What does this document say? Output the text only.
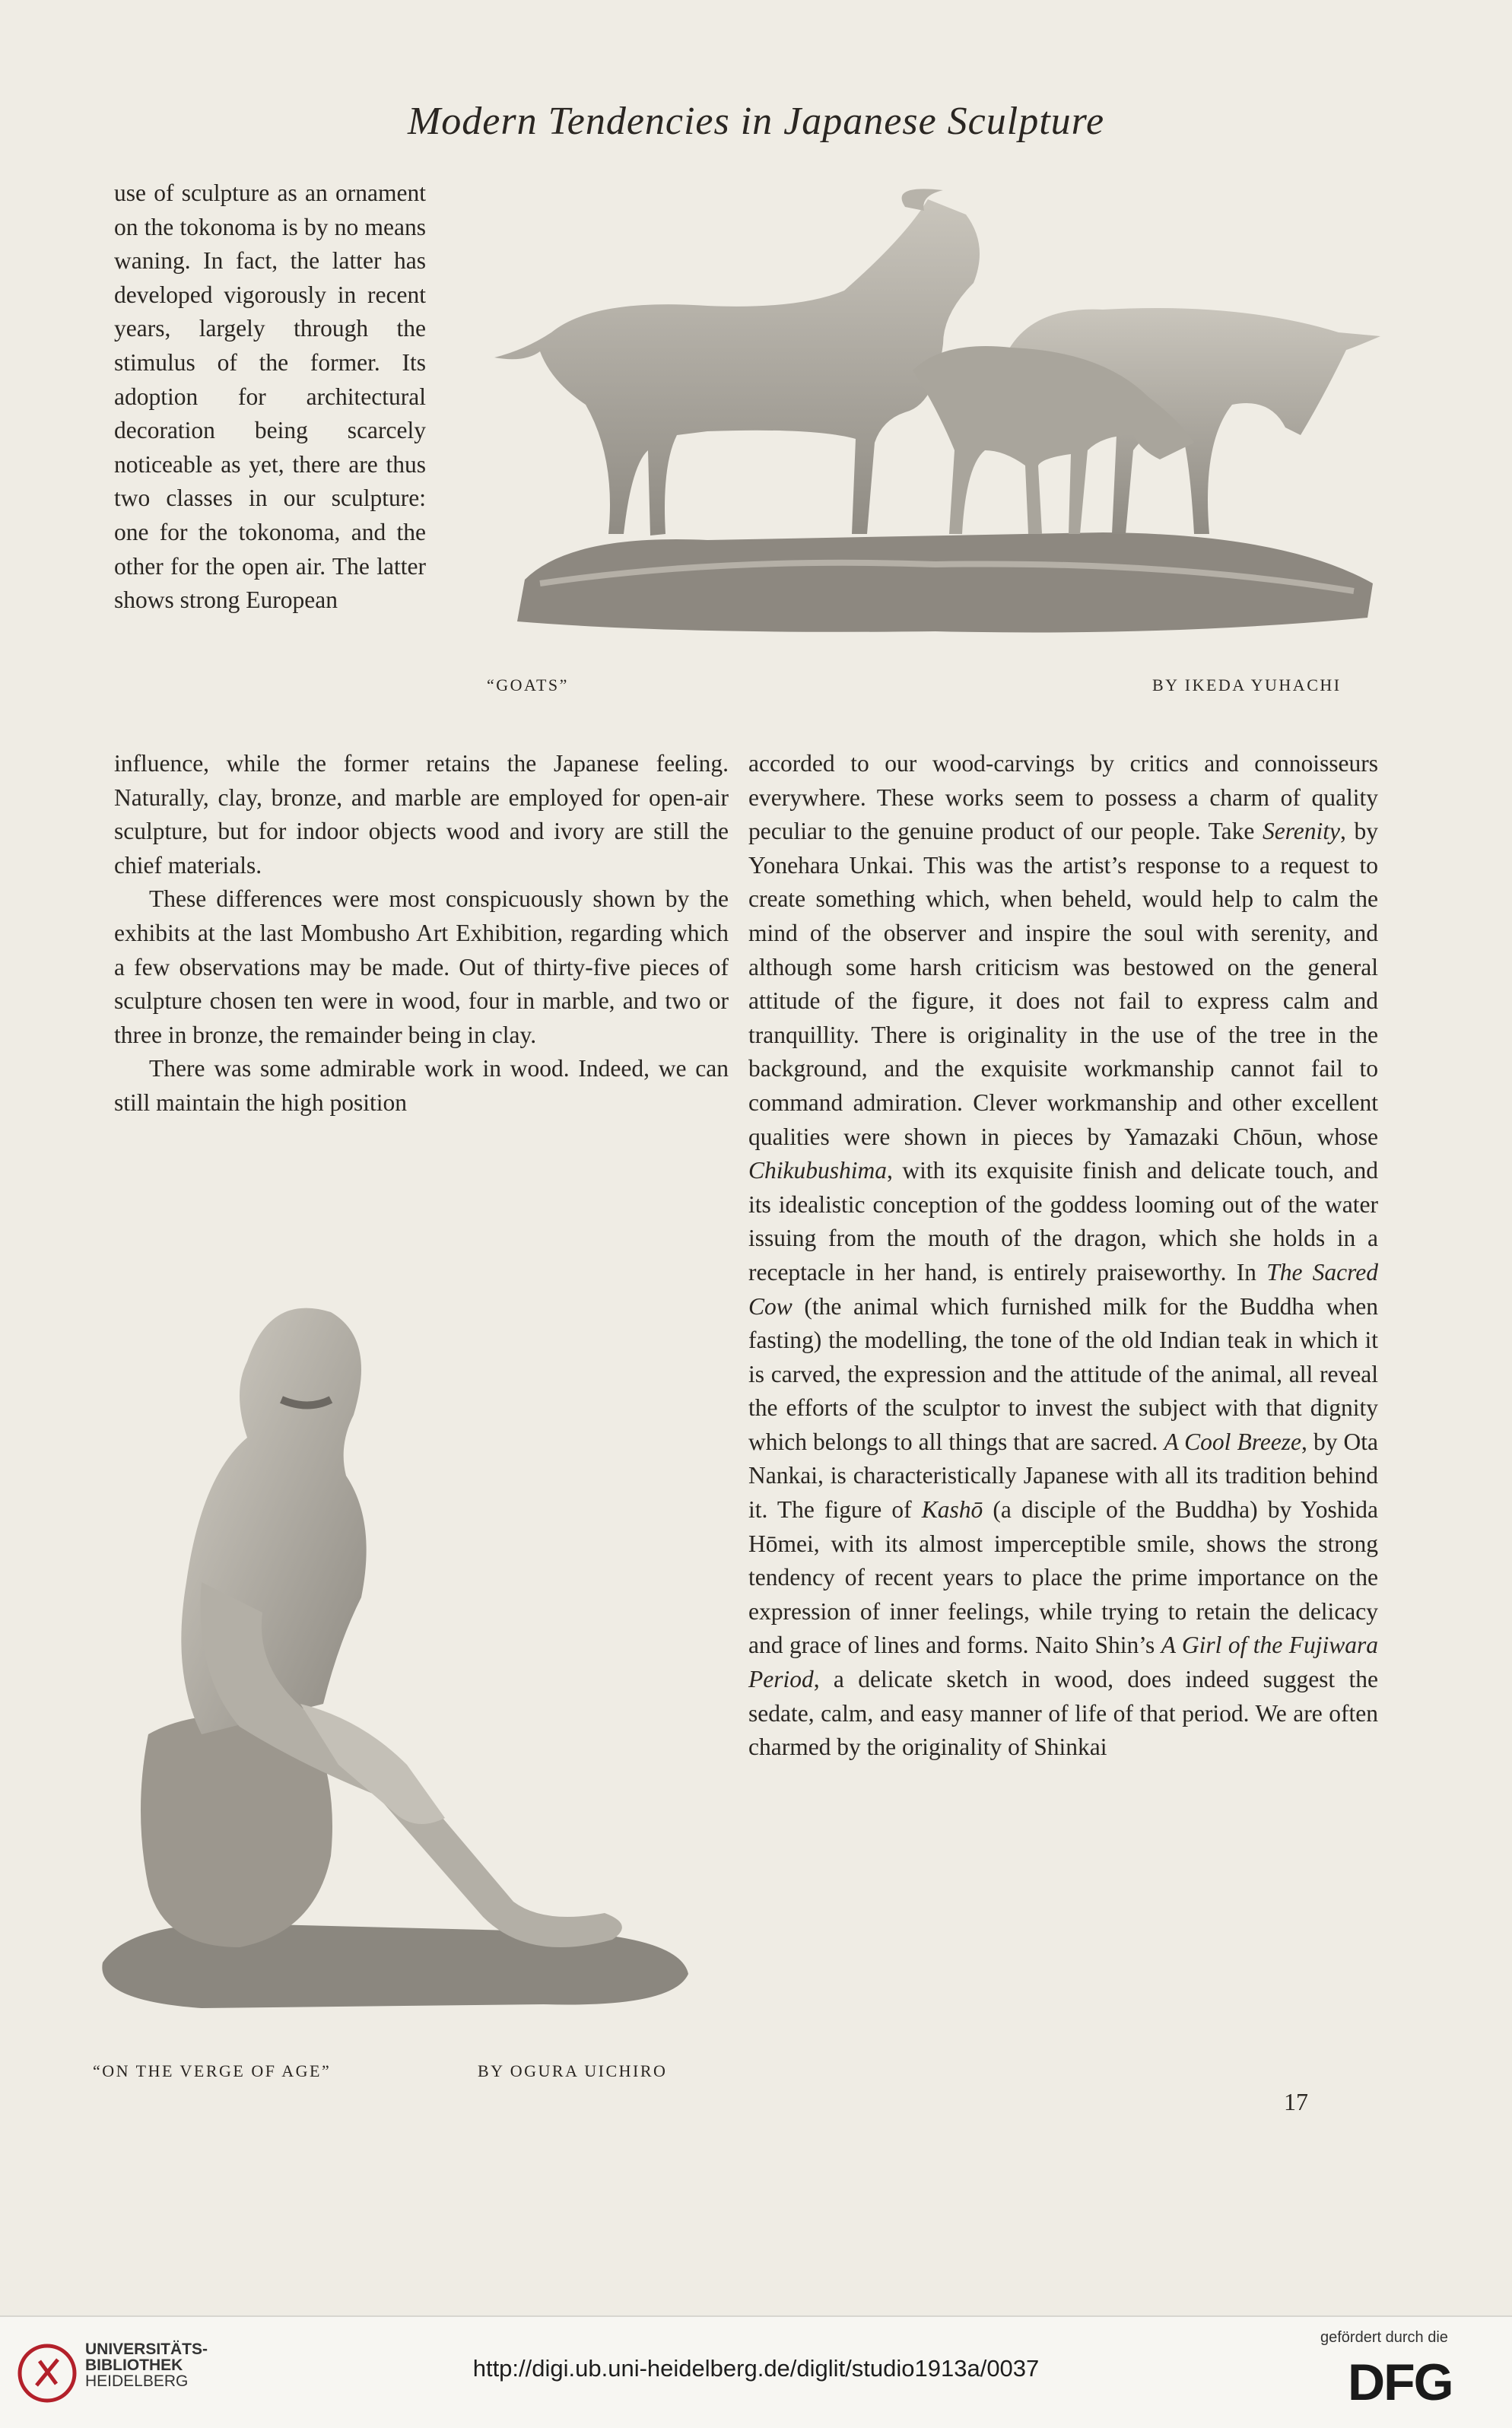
Modern Tendencies in Japanese Sculpture
“GOATS”	BY IKEDA YUHACHI
use of sculpture as an ornament on the tokonoma is by no means waning. In fact, the latter has developed vigorously in recent years, largely through the stimulus of the former. Its adoption for architectural decoration being scarcely noticeable as yet, there are thus two classes in our sculpture: one for the tokonoma, and the other for the open air. The latter shows strong European
influence, while the former retains the Japanese feeling. Naturally, clay, bronze, and marble are employed for open-air sculpture, but for indoor objects wood and ivory are still the chief materials.
These differences were most conspicuously shown by the exhibits at the last Mombusho Art Exhibition, regarding which a few observations may be made. Out of thirty-five pieces of sculpture chosen ten were in wood, four in marble, and two or three in bronze, the remainder being in clay.
There was some admirable work in wood. Indeed, we can still maintain the high position
accorded to our wood-carvings by critics and connoisseurs everywhere. These works seem to possess a charm of quality peculiar to the genuine product of our people. Take Serenity, by Yonehara Unkai. This was the artist’s response to a request to create something which, when beheld, would help to calm the mind of the observer and inspire the soul with serenity, and although some harsh criticism was bestowed on the general attitude of the figure, it does not fail to express calm and tranquillity. There is originality in the use of the tree in the background, and the exquisite workmanship cannot fail to command admiration. Clever workmanship and other excellent qualities were shown in pieces by Yamazaki Chōun, whose Chikubushima, with its exquisite finish and delicate touch, and its idealistic conception of the goddess looming out of the water issuing from the mouth of the dragon, which she holds in a receptacle in her hand, is entirely praiseworthy. In The Sacred Cow (the animal which furnished milk for the Buddha when fasting) the modelling, the tone of the old Indian teak in which it is carved, the expression and the attitude of the animal, all reveal the efforts of the sculptor to invest the subject with that dignity which belongs to all things that are sacred. A Cool Breeze, by Ota Nankai, is characteristically Japanese with all its tradition behind it. The figure of Kashō (a disciple of the Buddha) by Yoshida Hōmei, with its almost imperceptible smile, shows the strong tendency of recent years to place the prime importance on the expression of inner feelings, while trying to retain the delicacy and grace of lines and forms. Naito Shin’s A Girl of the Fujiwara Period, a delicate sketch in wood, does indeed suggest the sedate, calm, and easy manner of life of that period. We are often charmed by the originality of Shinkai
“ON THE VERGE OF AGE”	BY OGURA UICHIRO
17
UNIVERSITÄTS-
BIBLIOTHEK
HEIDELBERG	http://digi.ub.uni-heidelberg.de/diglit/studio1913a/0037
gefördert durch die
DFG
